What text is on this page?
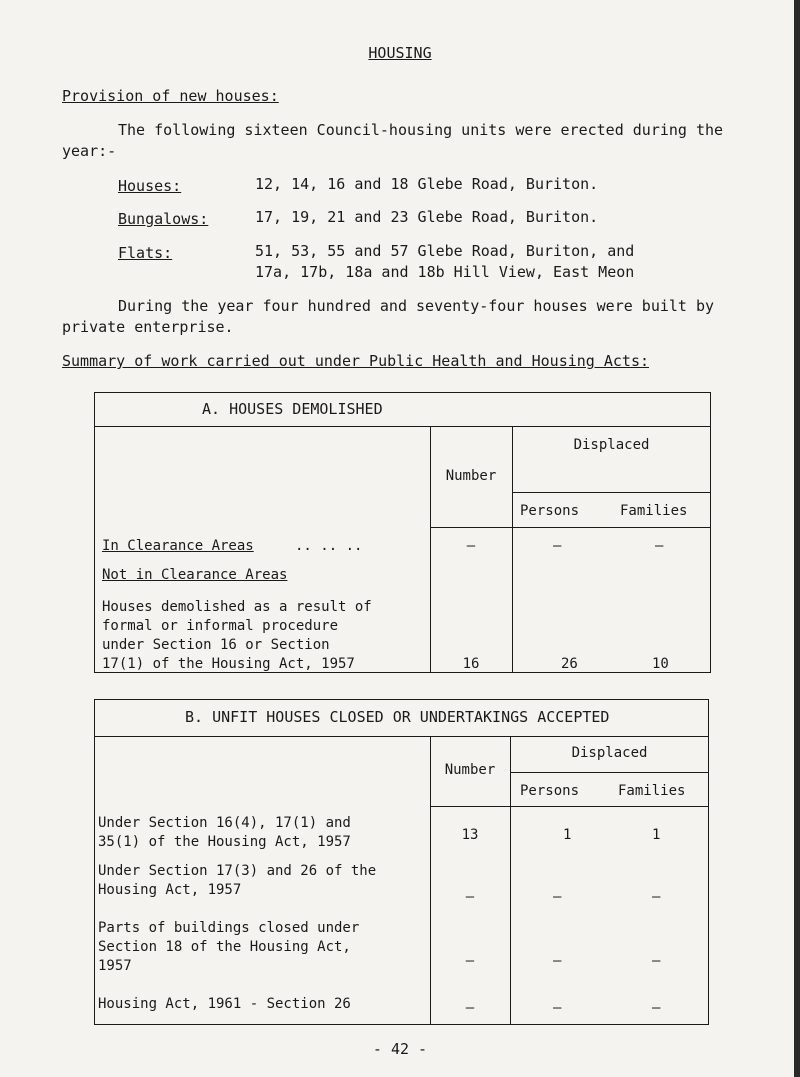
HOUSING
Provision of new houses:
The following sixteen Council-housing units were erected during the
year:-
Houses:	12, 14, 16 and 18 Glebe Road, Buriton.
Bungalows:	17, 19, 21 and 23 Glebe Road, Buriton.
Flats:	51, 53, 55 and 57 Glebe Road, Buriton, and
17a, 17b, 18a and 18b Hill View, East Meon
During the year four hundred and seventy-four houses were built by
private enterprise.
Summary of work carried out under Public Health and Housing Acts:
A. HOUSES DEMOLISHED
Number
Displaced
Persons	Families
In Clearance Areas	.. .. ..	–	–	–
Not in Clearance Areas
Houses demolished as a result of
formal or informal procedure
under Section 16 or Section
17(1) of the Housing Act, 1957	16	26	10
B. UNFIT HOUSES CLOSED OR UNDERTAKINGS ACCEPTED
Number
Displaced
Persons	Families
Under Section 16(4), 17(1) and
35(1) of the Housing Act, 1957	13	1	1
Under Section 17(3) and 26 of the
Housing Act, 1957	–	–	–
Parts of buildings closed under
Section 18 of the Housing Act,
1957	–	–	–
Housing Act, 1961 - Section 26	–	–	–
- 42 -
